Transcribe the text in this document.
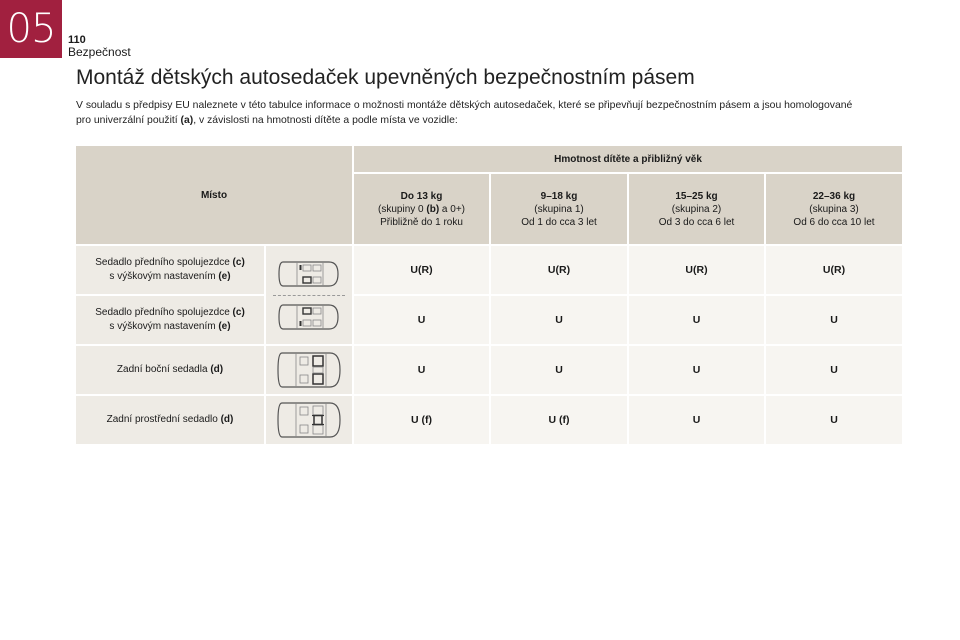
05 110
Bezpečnost
Montáž dětských autosedaček upevněných bezpečnostním pásem

V souladu s předpisy EU naleznete v této tabulce informace o možnosti montáže dětských autosedaček, které se připevňují bezpečnostním pásem a jsou homologované pro univerzální použití (a), v závislosti na hmotnosti dítěte a podle místa ve vozidle:

Místo		Hmotnost dítěte a přibližný věk			

		Do 13 kg
(skupiny 0 (b) a 0+)
Přibližně do 1 roku	9–18 kg
(skupina 1)
Od 1 do cca 3 let	15–25 kg
(skupina 2)
Od 3 do cca 6 let	22–36 kg
(skupina 3)
Od 6 do cca 10 let
Sedadlo předního spolujezdce (c)
s výškovým nastavením (e)		U(R)	U(R)	U(R)	U(R)
Sedadlo předního spolujezdce (c)
s výškovým nastavením (e)		U	U	U	U
Zadní boční sedadla (d)		U	U	U	U
Zadní prostřední sedadlo (d)		U (f)	U (f)	U	U
